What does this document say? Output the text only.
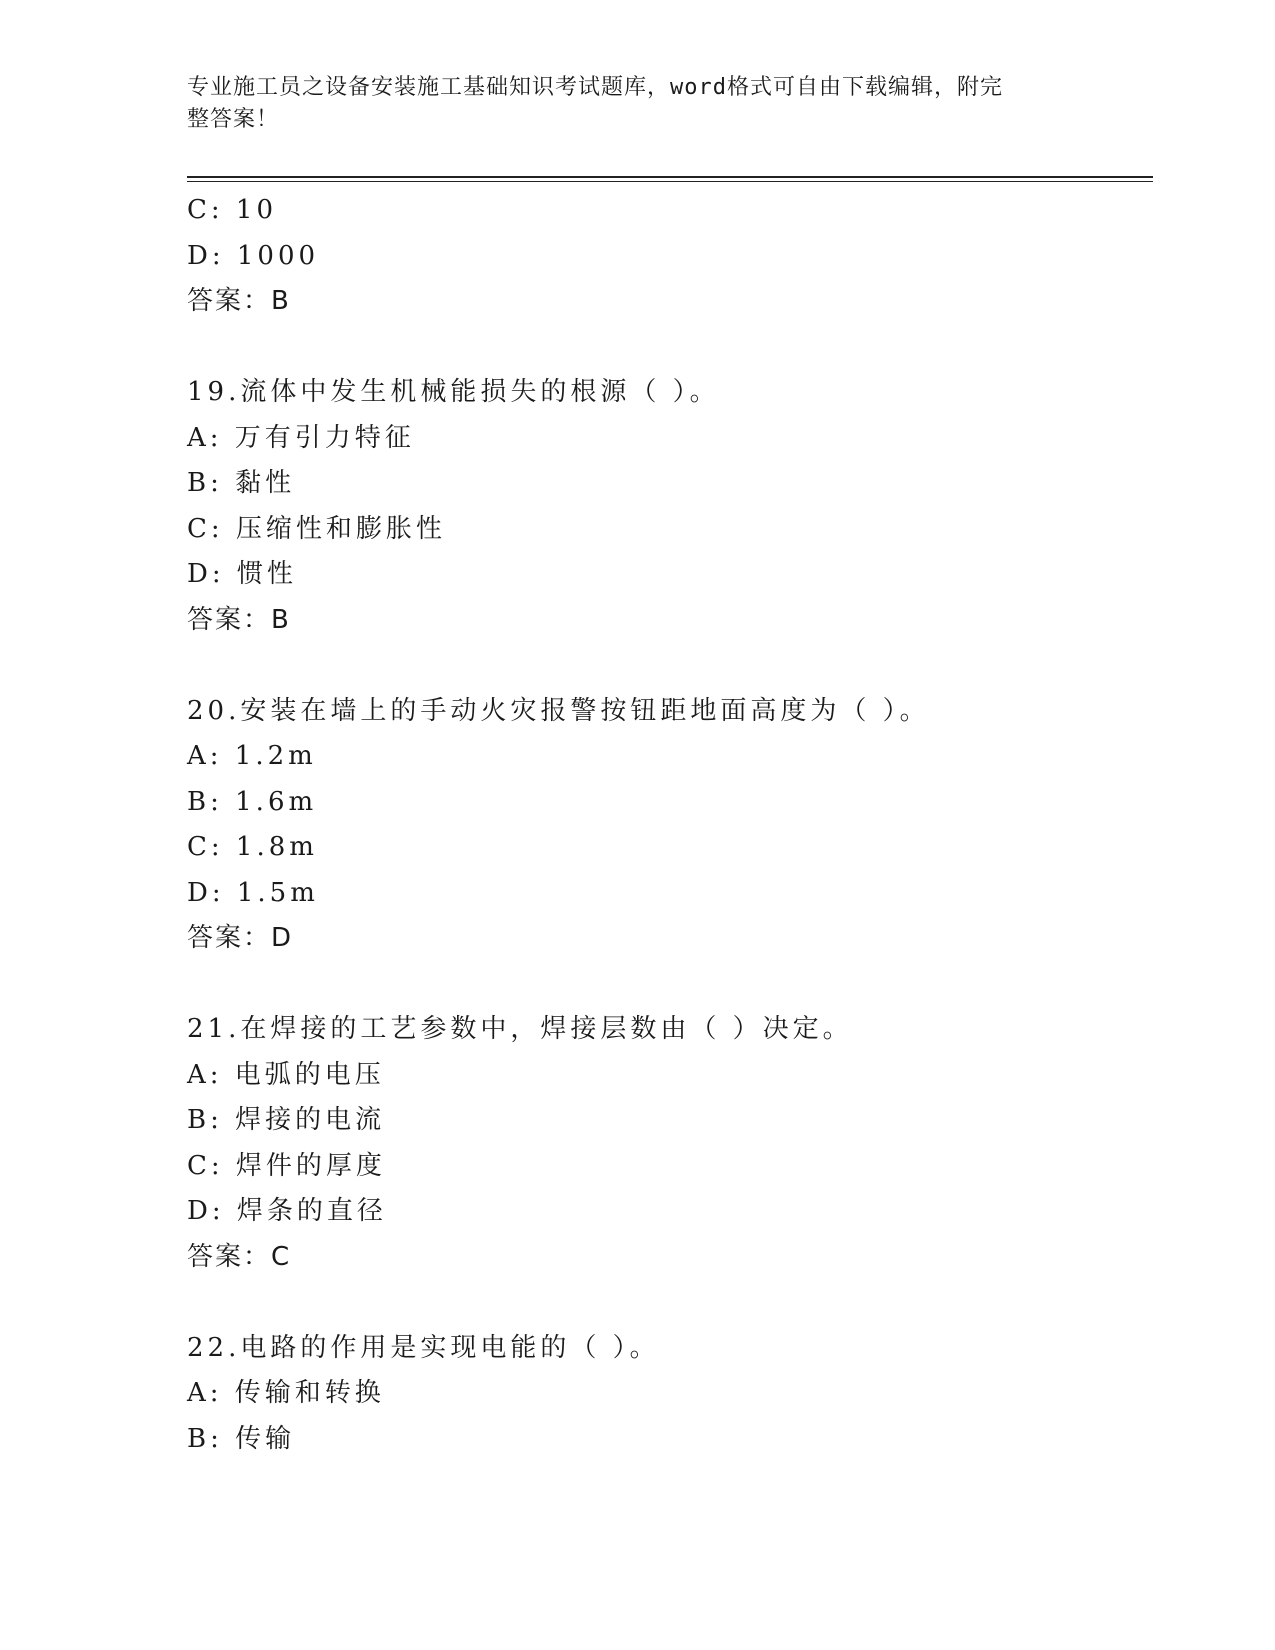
专业施工员之设备安装施工基础知识考试题库，word格式可自由下载编辑，附完
整答案！
C: 10
D: 1000
答案：B
19.流体中发生机械能损失的根源（ ）。
A: 万有引力特征
B: 黏性
C: 压缩性和膨胀性
D: 惯性
答案：B
20.安装在墙上的手动火灾报警按钮距地面高度为（ ）。
A: 1.2m
B: 1.6m
C: 1.8m
D: 1.5m
答案：D
21.在焊接的工艺参数中，焊接层数由（ ）决定。
A: 电弧的电压
B: 焊接的电流
C: 焊件的厚度
D: 焊条的直径
答案：C
22.电路的作用是实现电能的（ ）。
A: 传输和转换
B: 传输
